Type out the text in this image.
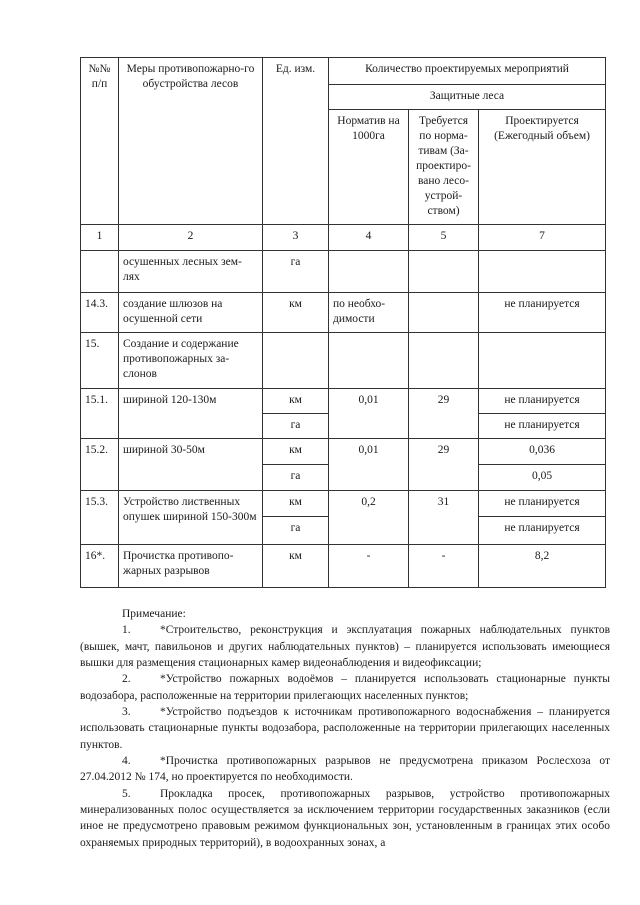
№№ п/п	Меры противопожарно-го обустройства лесов	Ед. изм.	Количество проектируемых мероприятий		
			Защитные леса		
			Норматив на 1000га	Требуется по норма-тивам (За-проектиро-вано лесо-устрой-ством)	Проектируется (Ежегодный объем)
1	2	3	4	5	7
	осушенных лесных зем-лях	га			
14.3.	создание шлюзов на осушенной сети	км	по необхо-димости		не планируется
15.	Создание и содержание противопожарных за-слонов				
15.1.	шириной 120-130м	км	0,01	29	не планируется
		га			не планируется
15.2.	шириной 30-50м	км	0,01	29	0,036
		га			0,05
15.3.	Устройство лиственных опушек шириной 150-300м	км	0,2	31	не планируется
		га			не планируется
16*.	Прочистка противопо-жарных разрывов	км	-	-	8,2

Примечание:

1.	*Строительство, реконструкция и эксплуатация пожарных наблюдательных пунктов (вышек, мачт, павильонов и других наблюдательных пунктов) – планируется использовать имеющиеся вышки для размещения стационарных камер видеонаблюдения и видеофиксации;

2.	*Устройство пожарных водоёмов – планируется использовать стационарные пункты водозабора, расположенные на территории прилегающих населенных пунктов;

3.	*Устройство подъездов к источникам противопожарного водоснабжения – планируется использовать стационарные пункты водозабора, расположенные на территории прилегающих населенных пунктов.

4.	*Прочистка противопожарных разрывов не предусмотрена приказом Рослесхоза от 27.04.2012 № 174, но проектируется по необходимости.

5.	Прокладка просек, противопожарных разрывов, устройство противопожарных минерализованных полос осуществляется за исключением территории государственных заказников (если иное не предусмотрено правовым режимом функциональных зон, установленным в границах этих особо охраняемых природных территорий), в водоохранных зонах, а
